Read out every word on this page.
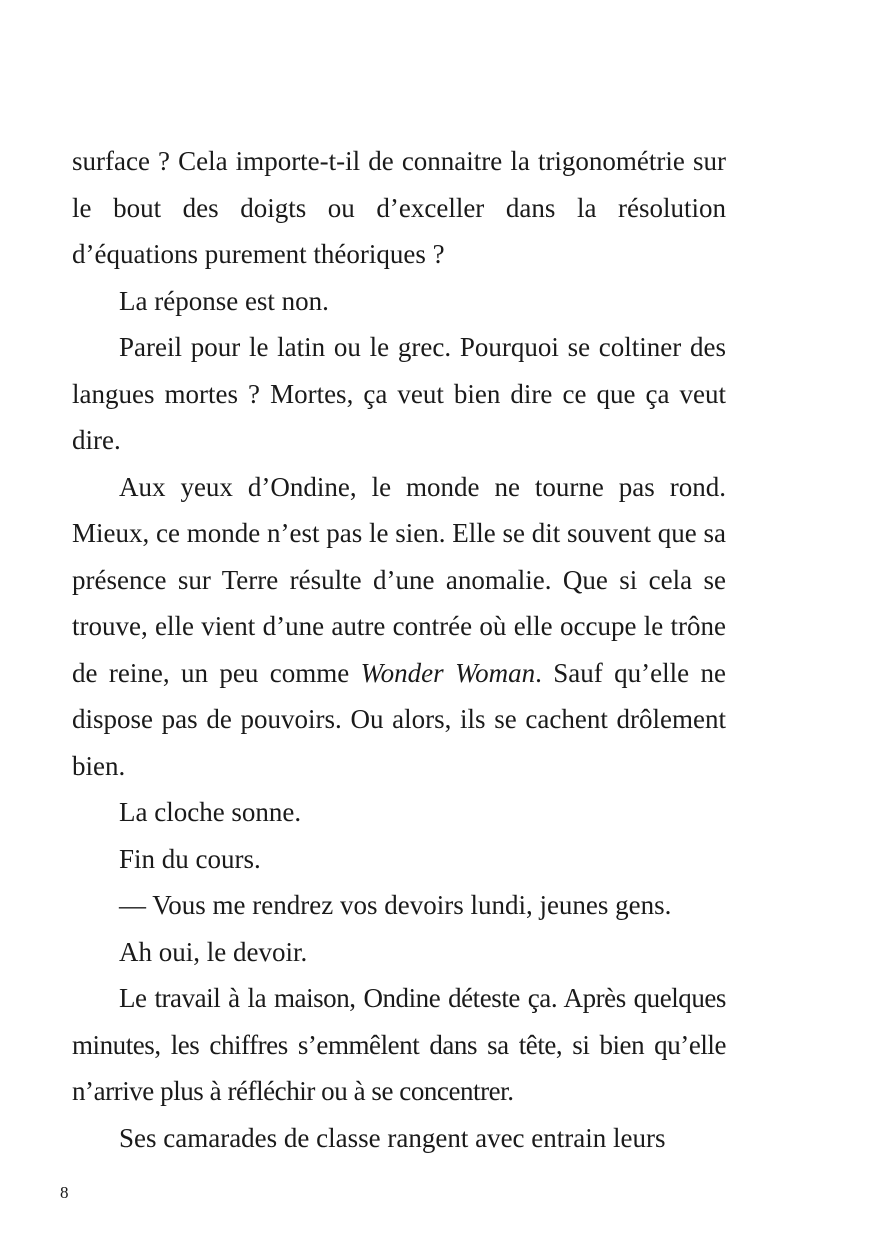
surface ? Cela importe-t-il de connaitre la trigonométrie sur le bout des doigts ou d’exceller dans la résolution d’équations purement théoriques ?

La réponse est non.

Pareil pour le latin ou le grec. Pourquoi se coltiner des langues mortes ? Mortes, ça veut bien dire ce que ça veut dire.

Aux yeux d’Ondine, le monde ne tourne pas rond. Mieux, ce monde n’est pas le sien. Elle se dit souvent que sa présence sur Terre résulte d’une anomalie. Que si cela se trouve, elle vient d’une autre contrée où elle occupe le trône de reine, un peu comme Wonder Woman. Sauf qu’elle ne dispose pas de pouvoirs. Ou alors, ils se cachent drôlement bien.

La cloche sonne.

Fin du cours.

— Vous me rendrez vos devoirs lundi, jeunes gens.

Ah oui, le devoir.

Le travail à la maison, Ondine déteste ça. Après quelques minutes, les chiffres s’emmêlent dans sa tête, si bien qu’elle n’arrive plus à réfléchir ou à se concentrer.

Ses camarades de classe rangent avec entrain leurs

8
